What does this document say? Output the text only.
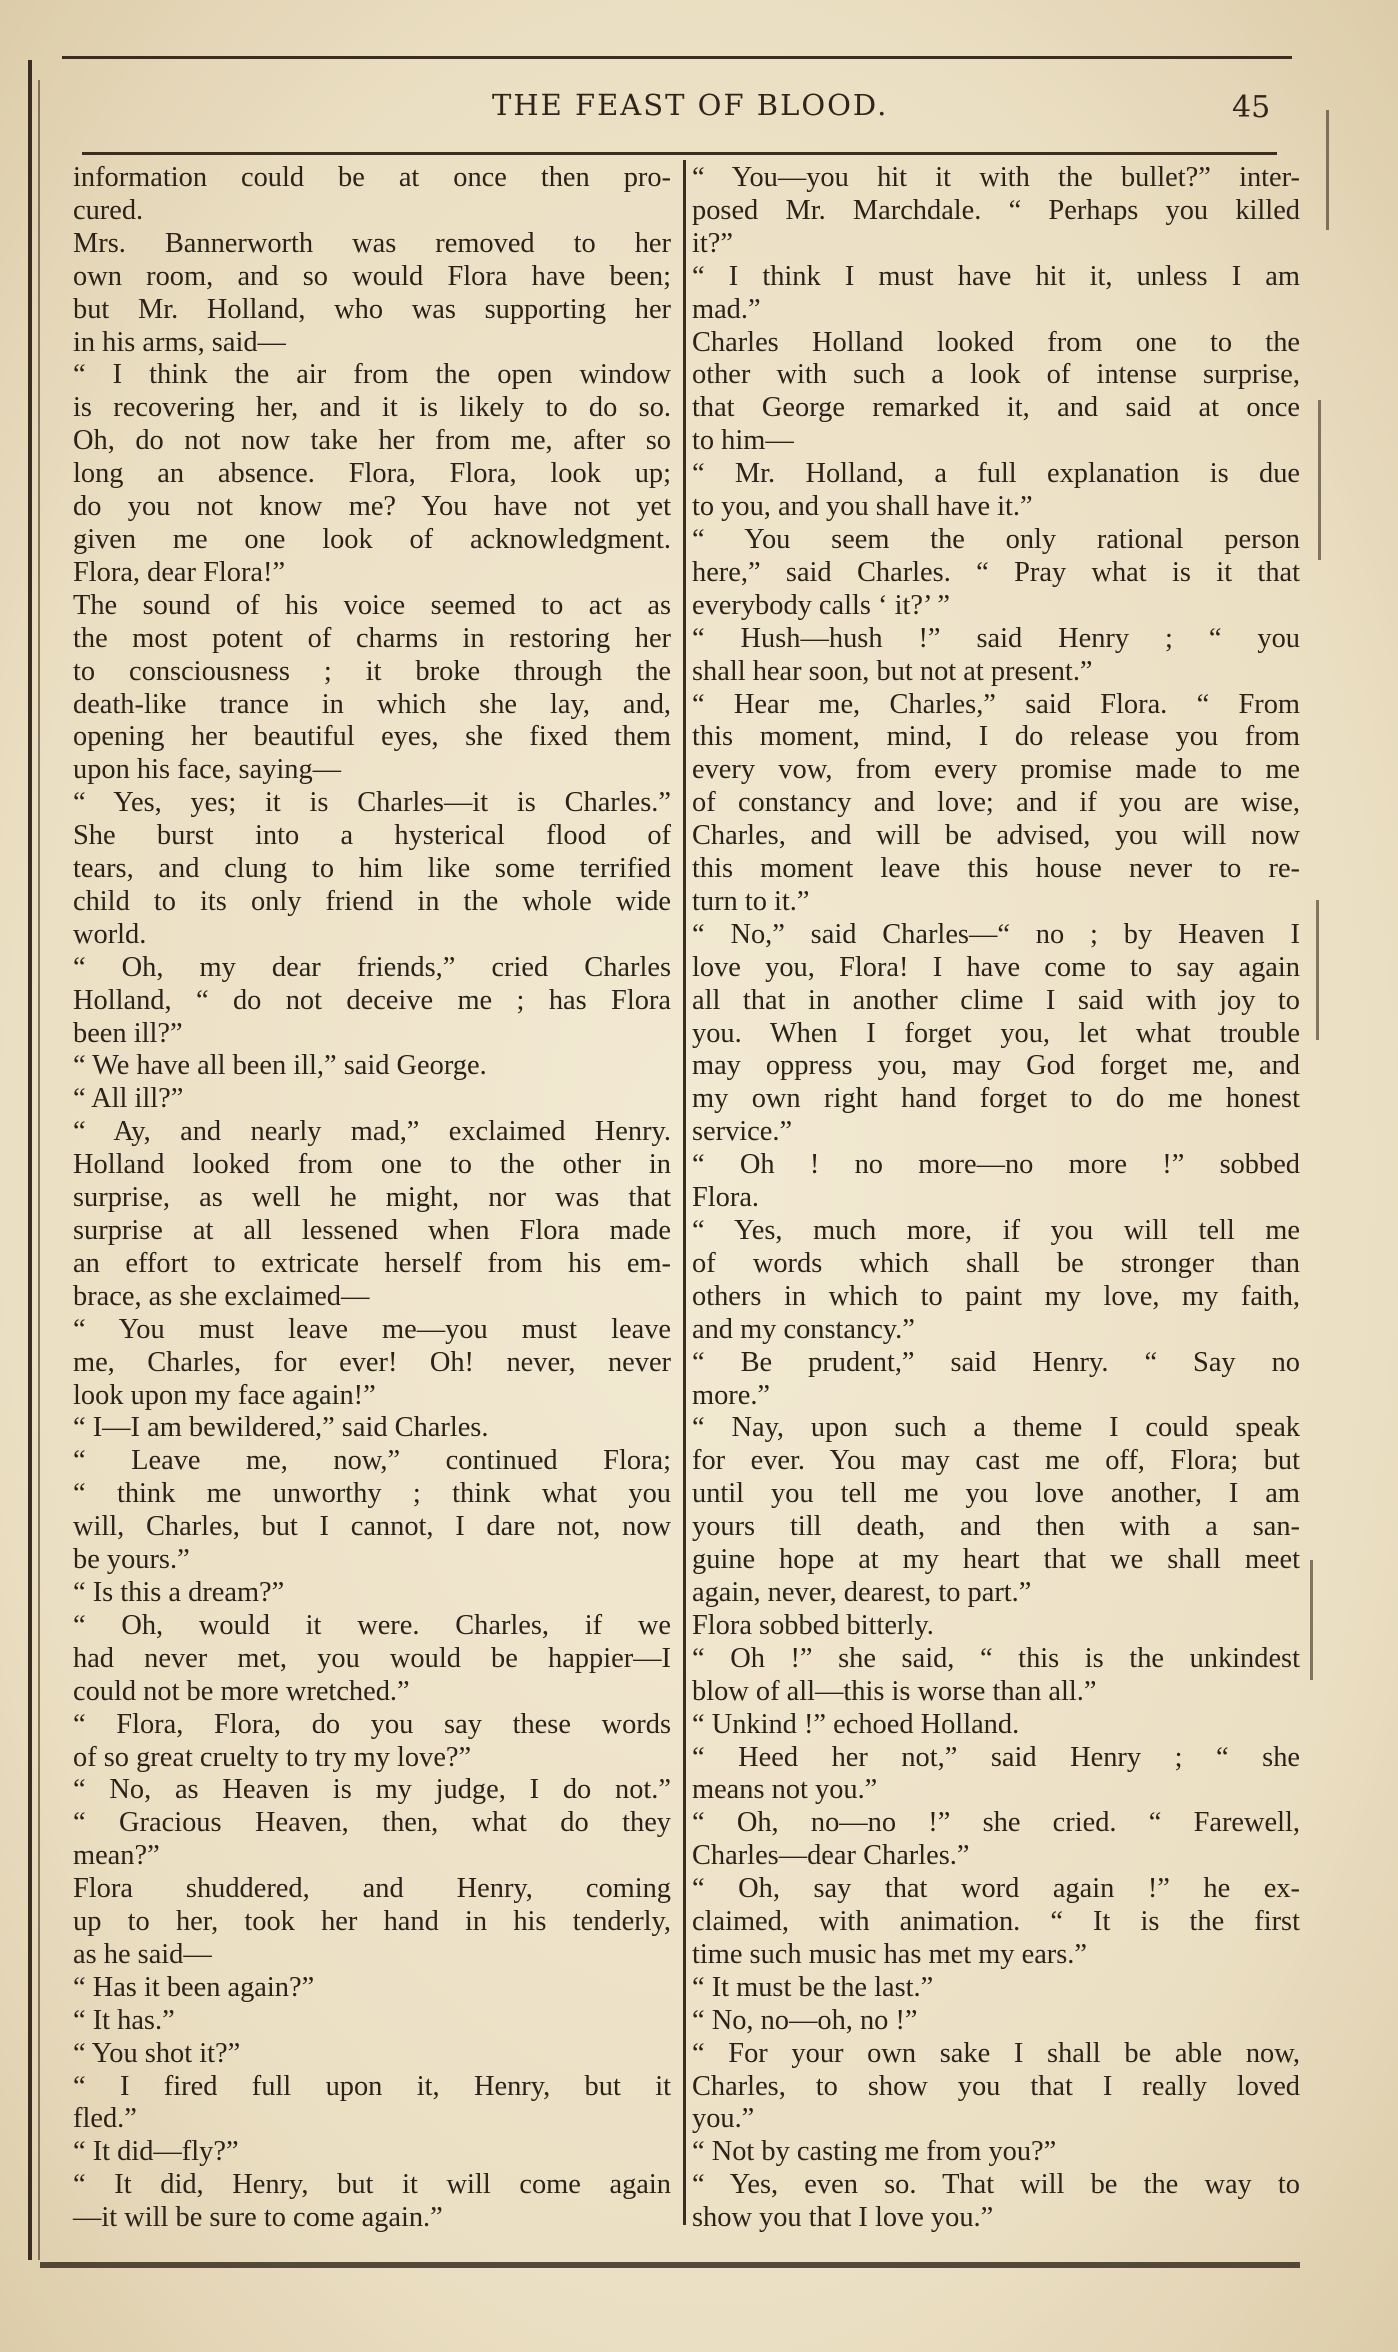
THE FEAST OF BLOOD.	45
information could be at once then pro-
cured.
Mrs. Bannerworth was removed to her
own room, and so would Flora have been;
but Mr. Holland, who was supporting her
in his arms, said—
“ I think the air from the open window
is recovering her, and it is likely to do so.
Oh, do not now take her from me, after so
long an absence. Flora, Flora, look up;
do you not know me? You have not yet
given me one look of acknowledgment.
Flora, dear Flora!”
The sound of his voice seemed to act as
the most potent of charms in restoring her
to consciousness ; it broke through the
death-like trance in which she lay, and,
opening her beautiful eyes, she fixed them
upon his face, saying—
“ Yes, yes; it is Charles—it is Charles.”
She burst into a hysterical flood of
tears, and clung to him like some terrified
child to its only friend in the whole wide
world.
“ Oh, my dear friends,” cried Charles
Holland, “ do not deceive me ; has Flora
been ill?”
“ We have all been ill,” said George.
“ All ill?”
“ Ay, and nearly mad,” exclaimed Henry.
Holland looked from one to the other in
surprise, as well he might, nor was that
surprise at all lessened when Flora made
an effort to extricate herself from his em-
brace, as she exclaimed—
“ You must leave me—you must leave
me, Charles, for ever! Oh! never, never
look upon my face again!”
“ I—I am bewildered,” said Charles.
“ Leave me, now,” continued Flora;
“ think me unworthy ; think what you
will, Charles, but I cannot, I dare not, now
be yours.”
“ Is this a dream?”
“ Oh, would it were. Charles, if we
had never met, you would be happier—I
could not be more wretched.”
“ Flora, Flora, do you say these words
of so great cruelty to try my love?”
“ No, as Heaven is my judge, I do not.”
“ Gracious Heaven, then, what do they
mean?”
Flora shuddered, and Henry, coming
up to her, took her hand in his tenderly,
as he said—
“ Has it been again?”
“ It has.”
“ You shot it?”
“ I fired full upon it, Henry, but it
fled.”
“ It did—fly?”
“ It did, Henry, but it will come again
—it will be sure to come again.”
“ You—you hit it with the bullet?” inter-
posed Mr. Marchdale. “ Perhaps you killed
it?”
“ I think I must have hit it, unless I am
mad.”
Charles Holland looked from one to the
other with such a look of intense surprise,
that George remarked it, and said at once
to him—
“ Mr. Holland, a full explanation is due
to you, and you shall have it.”
“ You seem the only rational person
here,” said Charles. “ Pray what is it that
everybody calls ‘ it?’ ”
“ Hush—hush !” said Henry ; “ you
shall hear soon, but not at present.”
“ Hear me, Charles,” said Flora. “ From
this moment, mind, I do release you from
every vow, from every promise made to me
of constancy and love; and if you are wise,
Charles, and will be advised, you will now
this moment leave this house never to re-
turn to it.”
“ No,” said Charles—“ no ; by Heaven I
love you, Flora! I have come to say again
all that in another clime I said with joy to
you. When I forget you, let what trouble
may oppress you, may God forget me, and
my own right hand forget to do me honest
service.”
“ Oh ! no more—no more !” sobbed
Flora.
“ Yes, much more, if you will tell me
of words which shall be stronger than
others in which to paint my love, my faith,
and my constancy.”
“ Be prudent,” said Henry. “ Say no
more.”
“ Nay, upon such a theme I could speak
for ever. You may cast me off, Flora; but
until you tell me you love another, I am
yours till death, and then with a san-
guine hope at my heart that we shall meet
again, never, dearest, to part.”
Flora sobbed bitterly.
“ Oh !” she said, “ this is the unkindest
blow of all—this is worse than all.”
“ Unkind !” echoed Holland.
“ Heed her not,” said Henry ; “ she
means not you.”
“ Oh, no—no !” she cried. “ Farewell,
Charles—dear Charles.”
“ Oh, say that word again !” he ex-
claimed, with animation. “ It is the first
time such music has met my ears.”
“ It must be the last.”
“ No, no—oh, no !”
“ For your own sake I shall be able now,
Charles, to show you that I really loved
you.”
“ Not by casting me from you?”
“ Yes, even so. That will be the way to
show you that I love you.”
